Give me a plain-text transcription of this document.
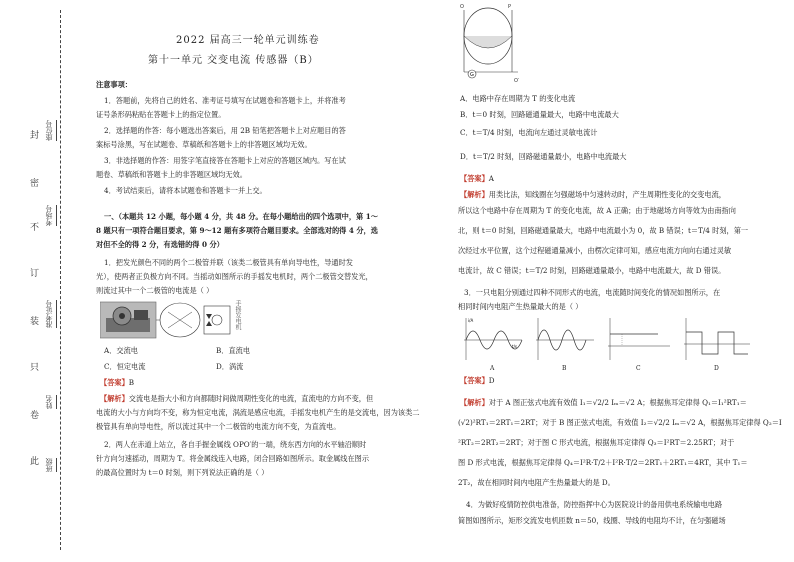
封
密
不
订
装
只
卷
此 班级
姓名
准考证号
考场号
座位号
2022 届高三一轮单元训练卷
第十一单元 交变电流 传感器（B）
注意事项：
1．答题前，先将自己的姓名、准考证号填写在试题卷和答题卡上，并将准考
证号条形码粘贴在答题卡上的指定位置。
2．选择题的作答：每小题选出答案后，用 2B 铅笔把答题卡上对应题目的答
案标号涂黑，写在试题卷、草稿纸和答题卡上的非答题区域均无效。
3．非选择题的作答：用签字笔直接答在答题卡上对应的答题区域内。写在试
题卷、草稿纸和答题卡上的非答题区域均无效。
4．考试结束后，请将本试题卷和答题卡一并上交。
一、（本题共 12 小题，每小题 4 分，共 48 分。在每小题给出的四个选项中，第 1～
8 题只有一项符合题目要求，第 9～12 题有多项符合题目要求。全部选对的得 4 分，选
对但不全的得 2 分，有选错的得 0 分）
1．把发光颜色不同的两个二极管并联（该类二极管具有单向导电性，导通时发
光），使两者正负极方向不同。当摇动如图所示的手摇发电机时，两个二极管交替发光，
则流过其中一个二极管的电流是（ ）
手摇发电机
A．交流电	B．直流电
C．恒定电流	D．涡流
【答案】B
【解析】交流电是指大小和方向都随时间做周期性变化的电流，直流电的方向不变，但
电流的大小与方向均不变，称为恒定电流，涡流是感应电流，手摇发电机产生的是交流电，因为该类二
极管具有单向导电性，所以流过其中一个二极管的电流方向不变，为直流电。
2．两人在赤道上站立，各自手握金属线 OPO′的一端，绕东西方向的水平轴沿顺时
针方向匀速摇动，周期为 T。将金属线连入电路，闭合回路如图所示。取金属线在图示
的最高位置时为 t＝0 时刻，则下列说法正确的是（ ）
G
O	P
O′
A．电路中存在周期为 T 的变化电流
B．t＝0 时刻，回路磁通量最大，电路中电流最大
C．t＝T/4 时刻，电流向左通过灵敏电流计
D．t＝T/2 时刻，回路磁通量最小，电路中电流最大
【答案】A
【解析】用类比法，知线圈在匀强磁场中匀速转动时，产生周期性变化的交变电流，
所以这个电路中存在周期为 T 的变化电流，故 A 正确；由于地磁场方向等效为由南指向
北，则 t＝0 时刻，回路磁通量最大，电路中电流最小为 0，故 B 错误；t＝T/4 时刻，第一
次经过水平位置，这个过程磁通量减小，由楞次定律可知，感应电流方向向右通过灵敏
电流计，故 C 错误；t＝T/2 时刻，回路磁通量最小，电路中电流最大，故 D 错误。
3．一只电阻分别通过四种不同形式的电流，电流随时间变化的情况如图所示，在
相同时间内电阻产生热量最大的是（ ）
i/A
t/s
A	B	C	D
【答案】D
【解析】对于 A 图正弦式电流有效值 I₁＝√2/2 Iₘ＝√2 A；根据焦耳定律得 Q₁＝I₁²RT₁＝
(√2)²RT₁＝2RT₁＝2RT；对于 B 图正弦式电流，有效值 I₂＝√2/2 Iₘ＝√2 A，根据焦耳定律得 Q₂＝I
²RT₂＝2RT₂＝2RT；对于图 C 形式电流，根据焦耳定律得 Q₃＝I²RT＝2.25RT；对于
图 D 形式电流，根据焦耳定律得 Q₄＝I²R·T/2＋I²R·T/2＝2RT₁＋2RT₁＝4RT，其中 T₁＝
2T₂，故在相同时间内电阻产生热量最大的是 D。
4．为做好疫情防控供电准备，防控指挥中心为医院设计的备用供电系统输电电路
简图如图所示，矩形交流发电机匝数 n＝50，线圈、导线的电阻均不计，在匀强磁场
